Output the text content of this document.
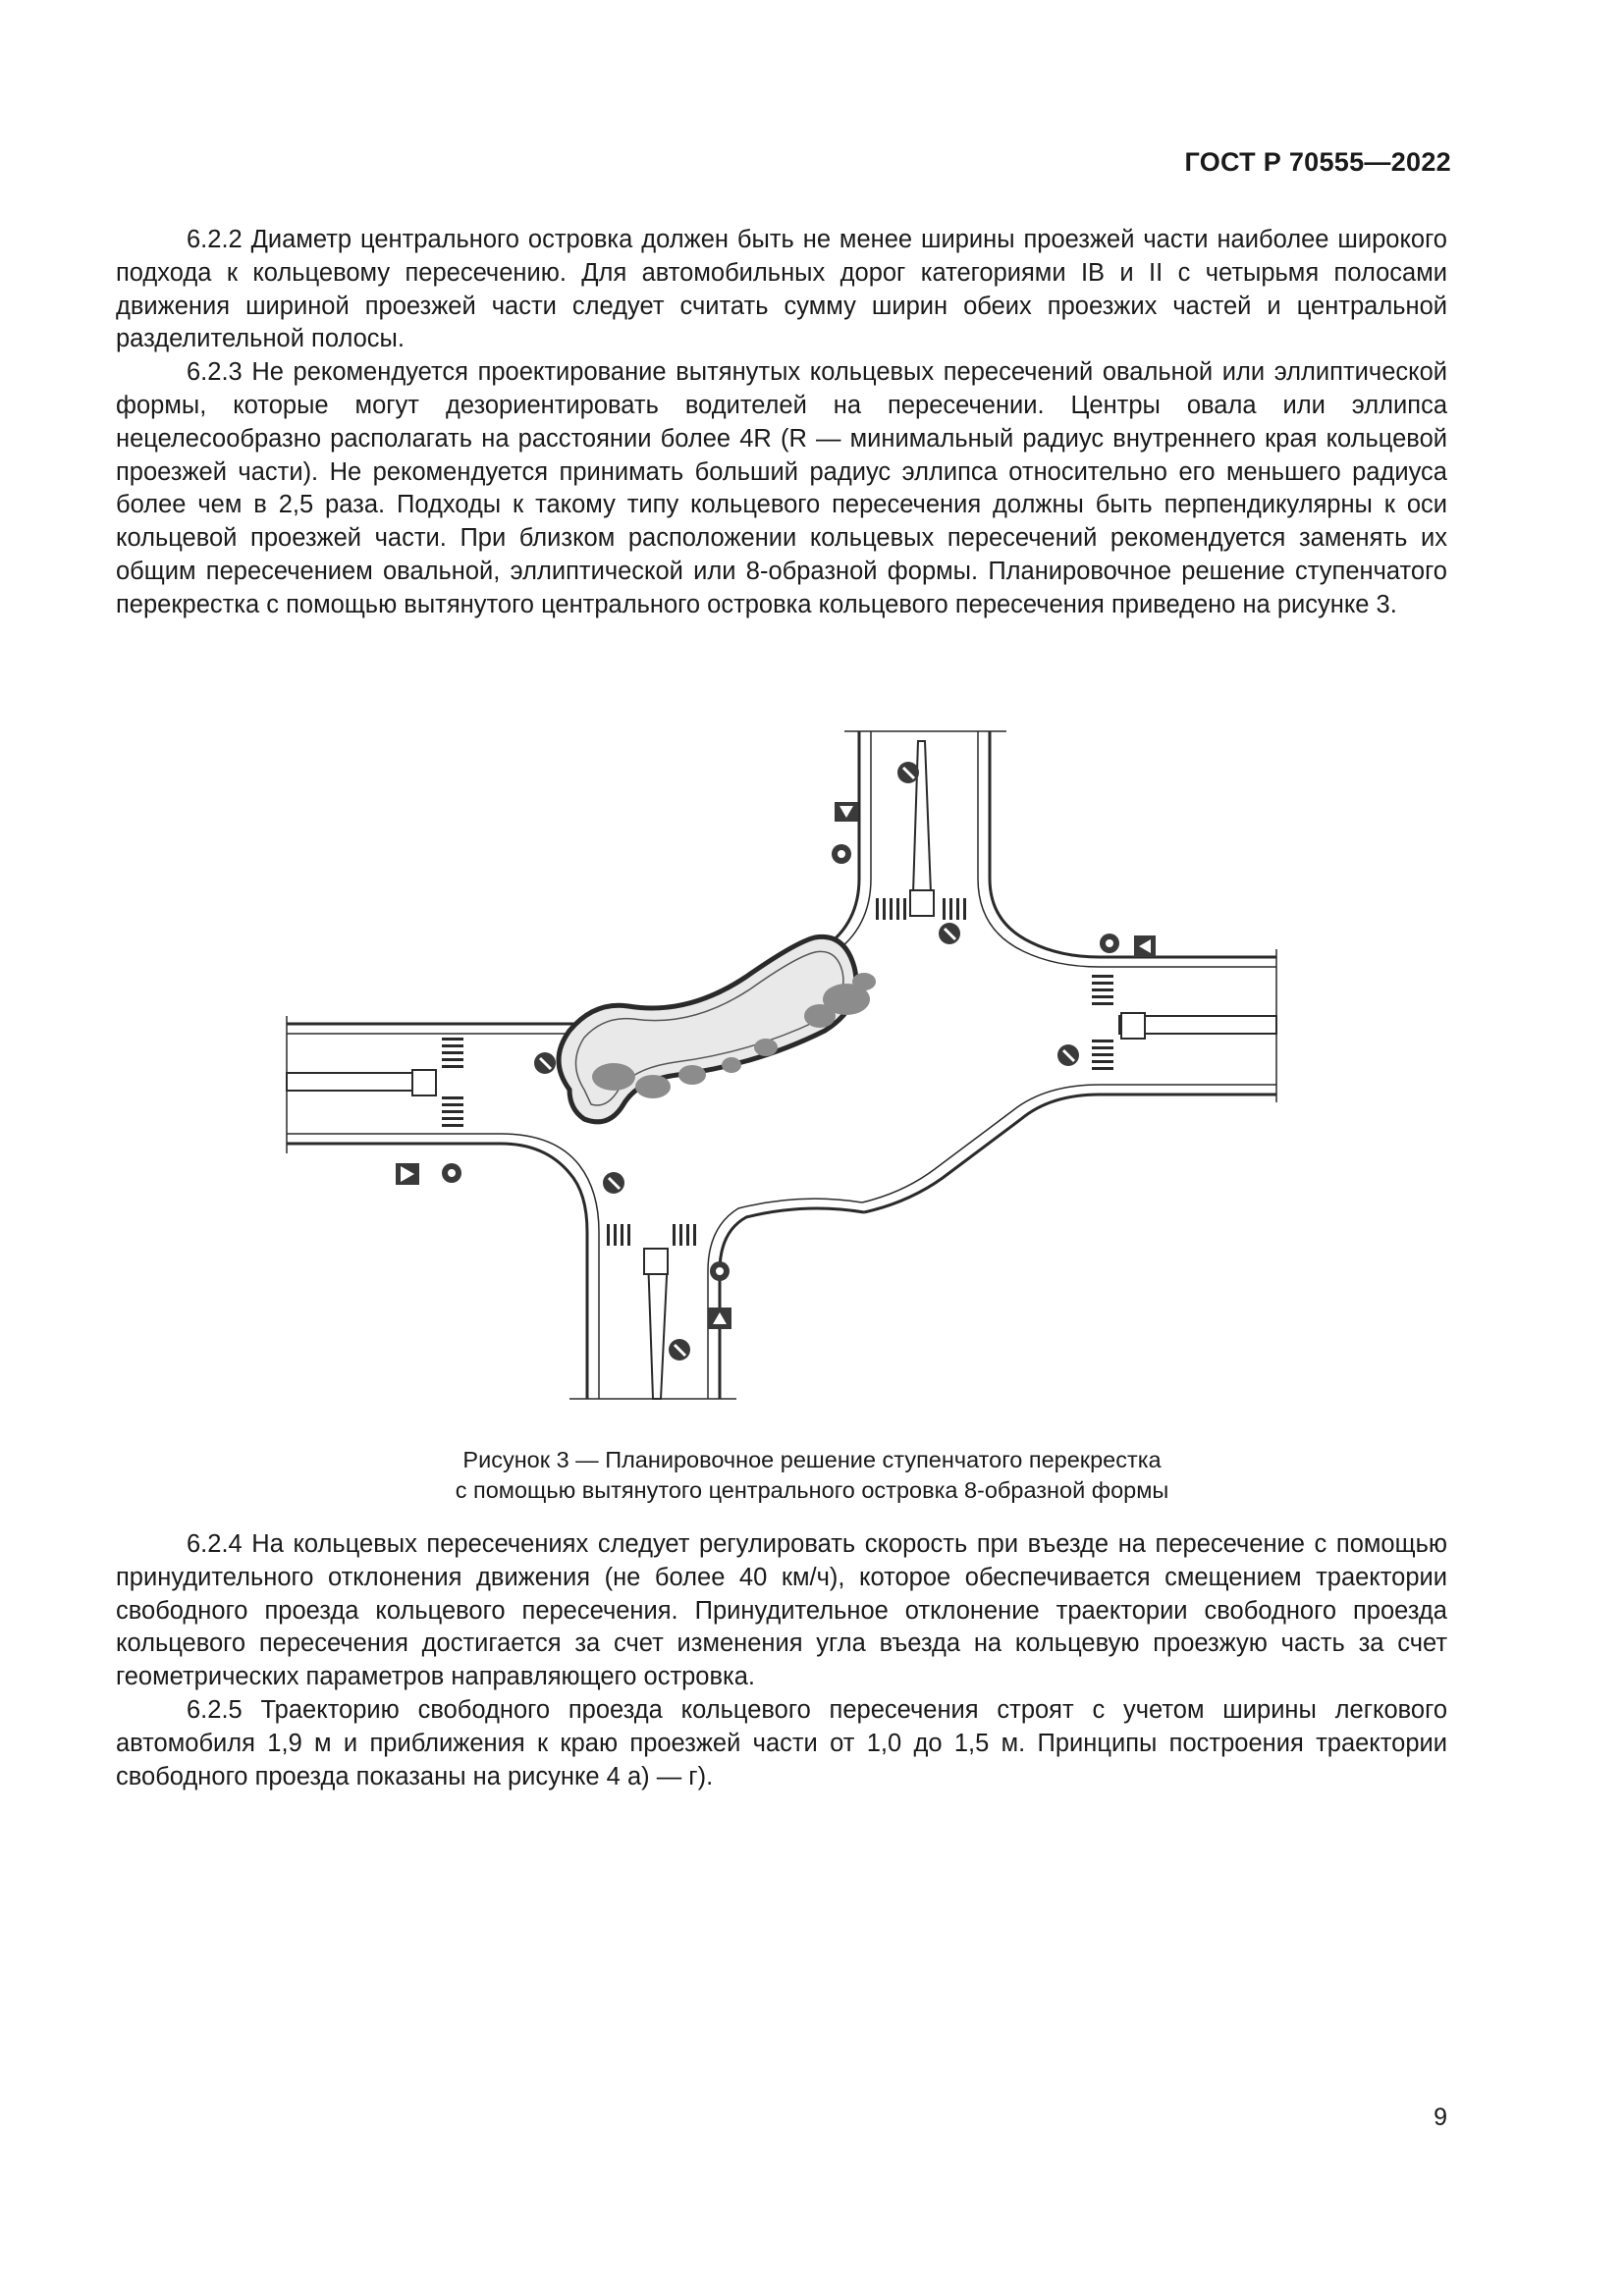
ГОСТ Р 70555—2022

6.2.2 Диаметр центрального островка должен быть не менее ширины проезжей части наиболее широкого подхода к кольцевому пересечению. Для автомобильных дорог категориями IB и II с четырьмя полосами движения шириной проезжей части следует считать сумму ширин обеих проезжих частей и центральной разделительной полосы.

6.2.3 Не рекомендуется проектирование вытянутых кольцевых пересечений овальной или эллиптической формы, которые могут дезориентировать водителей на пересечении. Центры овала или эллипса нецелесообразно располагать на расстоянии более 4R (R — минимальный радиус внутреннего края кольцевой проезжей части). Не рекомендуется принимать больший радиус эллипса относительно его меньшего радиуса более чем в 2,5 раза. Подходы к такому типу кольцевого пересечения должны быть перпендикулярны к оси кольцевой проезжей части. При близком расположении кольцевых пересечений рекомендуется заменять их общим пересечением овальной, эллиптической или 8-образной формы. Планировочное решение ступенчатого перекрестка с помощью вытянутого центрального островка кольцевого пересечения приведено на рисунке 3.

Рисунок 3 — Планировочное решение ступенчатого перекрестка
с помощью вытянутого центрального островка 8-образной формы

6.2.4 На кольцевых пересечениях следует регулировать скорость при въезде на пересечение с помощью принудительного отклонения движения (не более 40 км/ч), которое обеспечивается смещением траектории свободного проезда кольцевого пересечения. Принудительное отклонение траектории свободного проезда кольцевого пересечения достигается за счет изменения угла въезда на кольцевую проезжую часть за счет геометрических параметров направляющего островка.

6.2.5 Траекторию свободного проезда кольцевого пересечения строят с учетом ширины легкового автомобиля 1,9 м и приближения к краю проезжей части от 1,0 до 1,5 м. Принципы построения траектории свободного проезда показаны на рисунке 4 а) — г).

9
